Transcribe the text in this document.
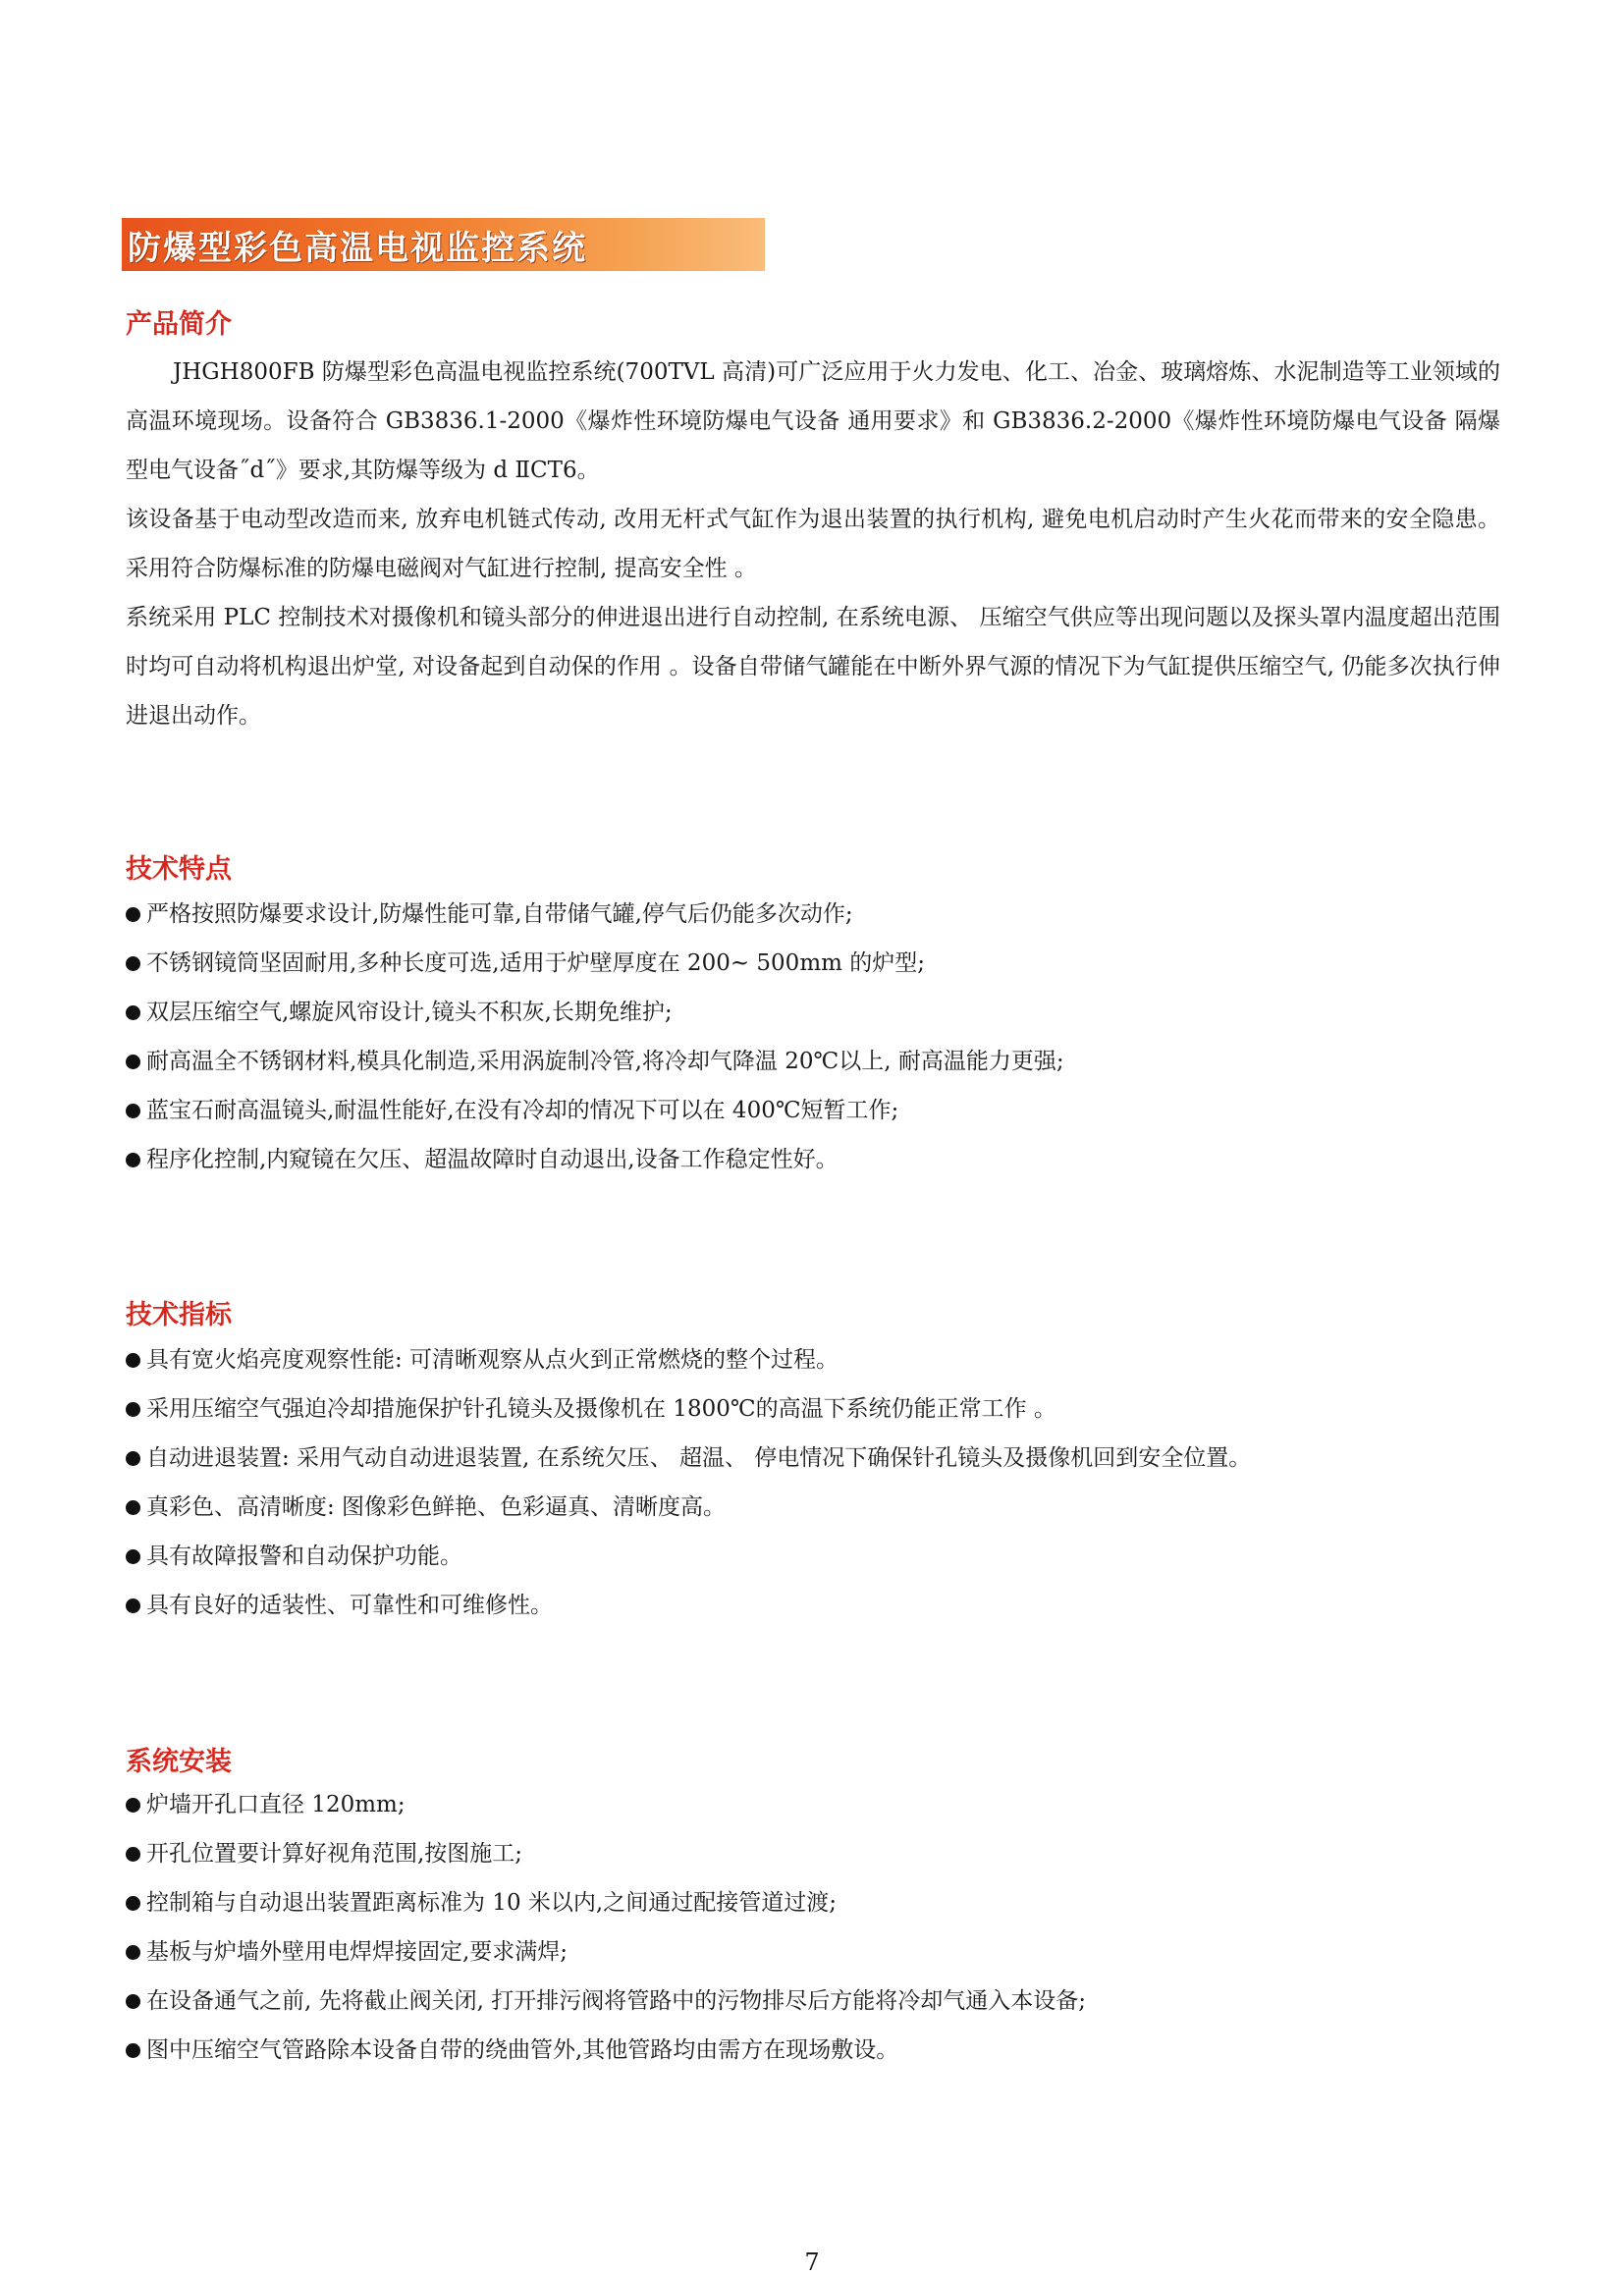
防爆型彩色高温电视监控系统
产品简介

JHGH800FB 防爆型彩色高温电视监控系统(700TVL 高清)可广泛应用于火力发电、化工、冶金、玻璃熔炼、水泥制造等工业领域的高温环境现场。设备符合 GB3836.1-2000《爆炸性环境防爆电气设备 通用要求》和 GB3836.2-2000《爆炸性环境防爆电气设备 隔爆型电气设备˝d˝》要求,其防爆等级为 d ⅡCT6。

该设备基于电动型改造而来, 放弃电机链式传动, 改用无杆式气缸作为退出装置的执行机构, 避免电机启动时产生火花而带来的安全隐患。采用符合防爆标准的防爆电磁阀对气缸进行控制, 提高安全性 。

系统采用 PLC 控制技术对摄像机和镜头部分的伸进退出进行自动控制, 在系统电源、 压缩空气供应等出现问题以及探头罩内温度超出范围时均可自动将机构退出炉堂, 对设备起到自动保的作用 。设备自带储气罐能在中断外界气源的情况下为气缸提供压缩空气, 仍能多次执行伸进退出动作。

技术特点
严格按照防爆要求设计,防爆性能可靠,自带储气罐,停气后仍能多次动作;
不锈钢镜筒坚固耐用,多种长度可选,适用于炉壁厚度在 200~ 500mm 的炉型;
双层压缩空气,螺旋风帘设计,镜头不积灰,长期免维护;
耐高温全不锈钢材料,模具化制造,采用涡旋制冷管,将冷却气降温 20℃以上, 耐高温能力更强;
蓝宝石耐高温镜头,耐温性能好,在没有冷却的情况下可以在 400℃短暂工作;
程序化控制,内窥镜在欠压、超温故障时自动退出,设备工作稳定性好。
技术指标
具有宽火焰亮度观察性能: 可清晰观察从点火到正常燃烧的整个过程。
采用压缩空气强迫冷却措施保护针孔镜头及摄像机在 1800℃的高温下系统仍能正常工作 。
自动进退装置: 采用气动自动进退装置, 在系统欠压、 超温、 停电情况下确保针孔镜头及摄像机回到安全位置。
真彩色、高清晰度: 图像彩色鲜艳、色彩逼真、清晰度高。
具有故障报警和自动保护功能。
具有良好的适装性、可靠性和可维修性。
系统安装
炉墙开孔口直径 120mm;
开孔位置要计算好视角范围,按图施工;
控制箱与自动退出装置距离标准为 10 米以内,之间通过配接管道过渡;
基板与炉墙外壁用电焊焊接固定,要求满焊;
在设备通气之前, 先将截止阀关闭, 打开排污阀将管路中的污物排尽后方能将冷却气通入本设备;
图中压缩空气管路除本设备自带的绕曲管外,其他管路均由需方在现场敷设。
7
